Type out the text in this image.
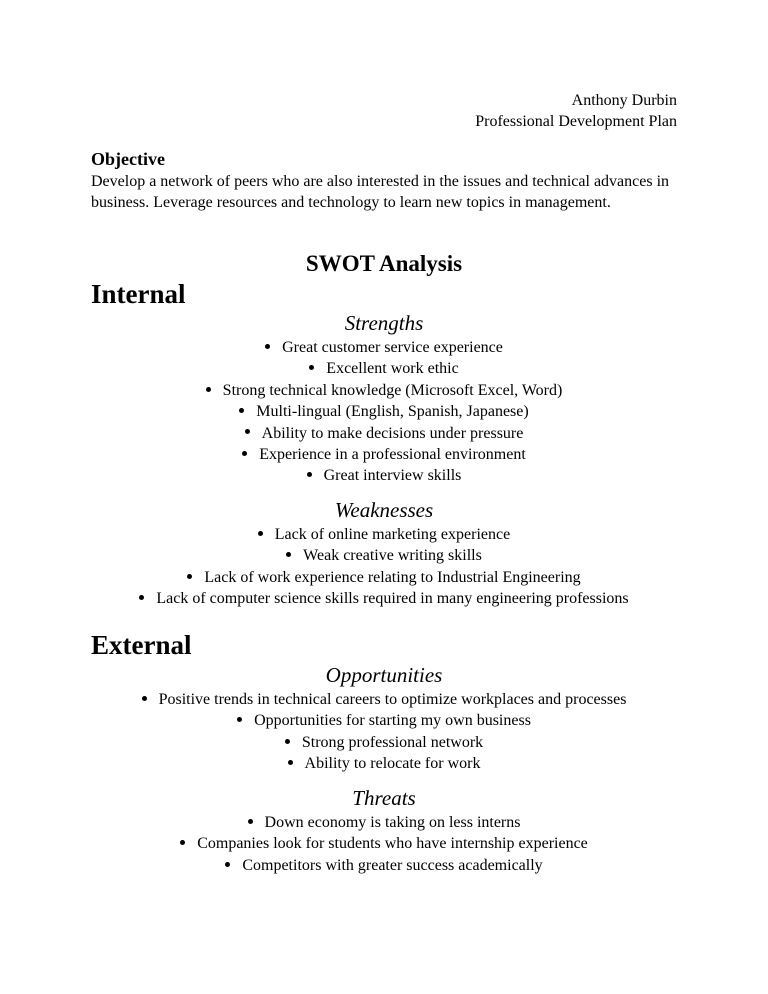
Anthony Durbin
Professional Development Plan
Objective
Develop a network of peers who are also interested in the issues and technical advances in business. Leverage resources and technology to learn new topics in management.
SWOT Analysis
Internal
Strengths
Great customer service experience
Excellent work ethic
Strong technical knowledge (Microsoft Excel, Word)
Multi-lingual (English, Spanish, Japanese)
Ability to make decisions under pressure
Experience in a professional environment
Great interview skills
Weaknesses
Lack of online marketing experience
Weak creative writing skills
Lack of work experience relating to Industrial Engineering
Lack of computer science skills required in many engineering professions
External
Opportunities
Positive trends in technical careers to optimize workplaces and processes
Opportunities for starting my own business
Strong professional network
Ability to relocate for work
Threats
Down economy is taking on less interns
Companies look for students who have internship experience
Competitors with greater success academically
